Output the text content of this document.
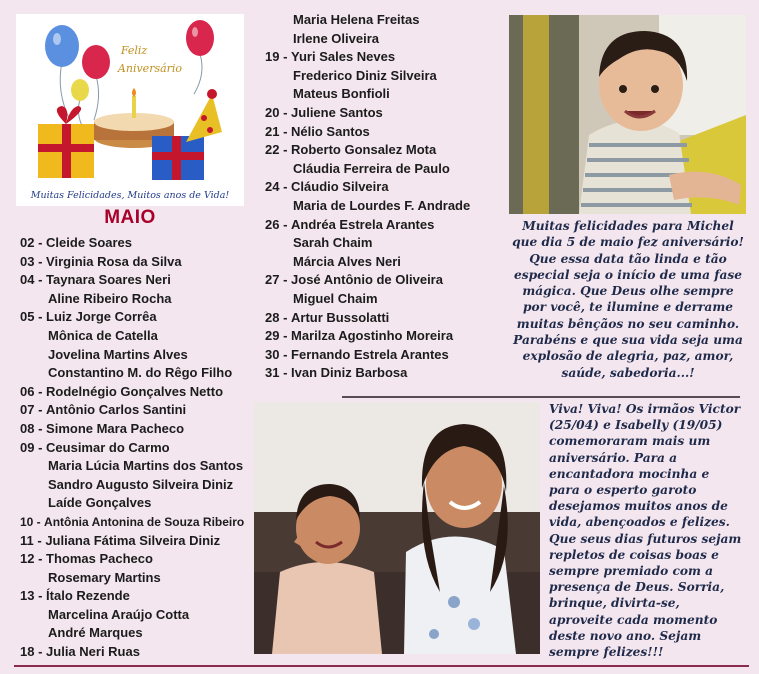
Feliz
Aniversário
Muitas Felicidades, Muitos anos de Vida!
MAIO
02 - Cleide Soares
03 - Virginia Rosa da Silva
04 - Taynara Soares Neri
Aline Ribeiro Rocha
05 - Luiz Jorge Corrêa
Mônica de Catella
Jovelina Martins Alves
Constantino M. do Rêgo Filho
06 - Rodelnégio Gonçalves Netto
07 - Antônio Carlos Santini
08 - Simone Mara Pacheco
09 - Ceusimar do Carmo
Maria Lúcia Martins dos Santos
Sandro Augusto Silveira Diniz
Laíde Gonçalves
10 - Antônia Antonina de Souza Ribeiro
11 - Juliana Fátima Silveira Diniz
12 - Thomas Pacheco
Rosemary Martins
13 - Ítalo Rezende
Marcelina Araújo Cotta
André Marques
18 - Julia Neri Ruas
Maria Helena Freitas
Irlene Oliveira
19 - Yuri Sales Neves
Frederico Diniz Silveira
Mateus Bonfioli
20 - Juliene Santos
21 - Nélio Santos
22 - Roberto Gonsalez Mota
Cláudia Ferreira de Paulo
24 - Cláudio Silveira
Maria de Lourdes F. Andrade
26 - Andréa Estrela Arantes
Sarah Chaim
Márcia Alves Neri
27 - José Antônio de Oliveira
Miguel Chaim
28 - Artur Bussolatti
29 - Marilza Agostinho Moreira
30 - Fernando Estrela Arantes
31 - Ivan Diniz Barbosa
Muitas felicidades para Michel que dia 5 de maio fez aniversário! Que essa data tão linda e tão especial seja o início de uma fase mágica. Que Deus olhe sempre por você, te ilumine e derrame muitas bênçãos no seu caminho. Parabéns e que sua vida seja uma explosão de alegria, paz, amor, saúde, sabedoria...!
Viva! Viva! Os irmãos Victor (25/04) e Isabelly (19/05) comemoraram mais um aniversário. Para a encantadora mocinha e para o esperto garoto desejamos muitos anos de vida, abençoados e felizes. Que seus dias futuros sejam repletos de coisas boas e sempre premiado com a presença de Deus. Sorria, brinque, divirta-se, aproveite cada momento deste novo ano. Sejam sempre felizes!!!
